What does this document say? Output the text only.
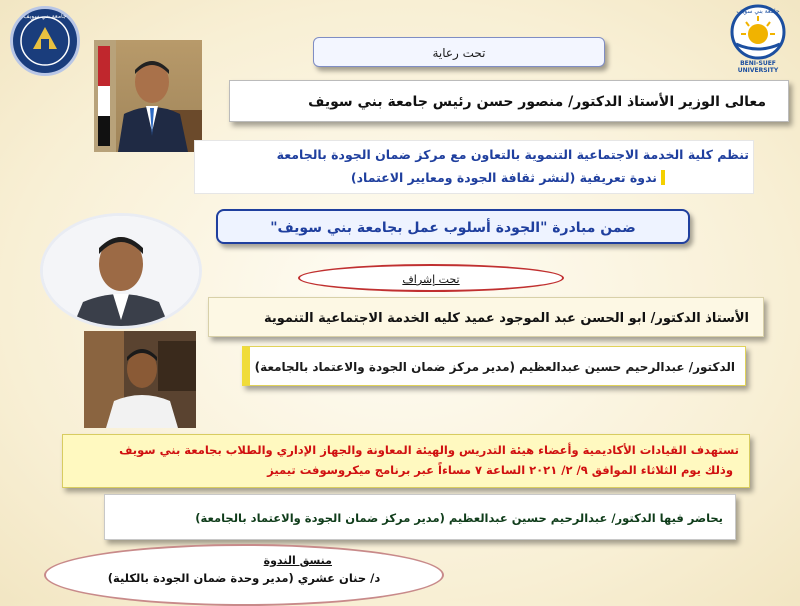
جامعة بني سويف
جامعة بني سويف
BENI-SUEF UNIVERSITY
تحت رعاية
معالى الوزير الأستاذ الدكتور/ منصور حسن رئيس جامعة بني سويف
تنظم كلية الخدمة الاجتماعية التنموية بالتعاون مع مركز ضمان الجودة بالجامعة
ندوة تعريفية (لنشر ثقافة الجودة ومعايير الاعتماد)
ضمن مبادرة "الجودة أسلوب عمل بجامعة بني سويف"
تحت إشراف
الأستاذ الدكتور/ ابو الحسن عبد الموجود عميد كليه الخدمة الاجتماعية التنموية
الدكتور/ عبدالرحيم حسين عبدالعظيم (مدير مركز ضمان الجودة والاعتماد بالجامعة)
تستهدف القيادات الأكاديمية وأعضاء هيئة التدريس والهيئة المعاونة والجهاز الإداري والطلاب بجامعة بني سويف
وذلك يوم الثلاثاء الموافق ٩/ ٢/ ٢٠٢١ الساعة ٧ مساءاً عبر برنامج ميكروسوفت تيميز
يحاضر فيها الدكتور/ عبدالرحيم حسين عبدالعظيم (مدير مركز ضمان الجودة والاعتماد بالجامعة)
منسق الندوة
د/ حنان عشري (مدير وحدة ضمان الجودة بالكلية)
